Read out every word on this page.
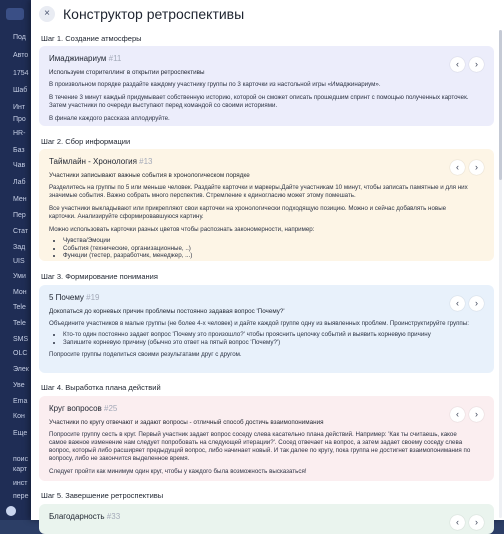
Под
Авто
1754
Шаб
Инт
Про
HR-
Баз
Чав
Лаб
Мен
Пер
Стат
Зад
UIS
Уми
Мон
Tele
Tele
SMS
OLC
Элек
Уве
Ema
Кон
Еще
поис
карт
инст
пере
× Конструктор ретроспективы
Шаг 1. Создание атмосферы
Имаджинариум #11
Используем сторителлинг в открытии ретроспективы
В произвольном порядке раздайте каждому участнику группы по 3 карточки из настольной игры «Имаджинариум».
В течение 3 минут каждый придумывает собственную историю, которой он сможет описать прошедшим спринт с помощью полученных карточек. Затем участники по очереди выступают перед командой со своими историями.
В финале каждого рассказа аплодируйте.
‹ ›
Шаг 2. Сбор информации
Таймлайн - Хронология #13
Участники записывают важные события в хронологическом порядке
Разделитесь на группы по 5 или меньше человек. Раздайте карточки и маркеры.Дайте участникам 10 минут, чтобы записать памятные и для них значимые события. Важно собрать много перспектив. Стремление к единогласию может этому помешать.
Все участники выкладывают или прикрепляют свои карточки на хронологически подходящую позицию. Можно и сейчас добавлять новые карточки. Анализируйте сформировавшуюся картину.
Можно использовать карточки разных цветов чтобы распознать закономерности, например:
• Чувства/Эмоции
• События (технические, организационные, ..)
• Функции (тестер, разработчик, менеджер, ...)
‹ ›
Шаг 3. Формирование понимания
5 Почему #19
Докопаться до корневых причин проблемы постоянно задавая вопрос 'Почему?'
Объедините участников в малые группы (не более 4-х человек) и дайте каждой группе одну из выявленных проблем. Проинструктируйте группы:
• Кто-то один постоянно задает вопрос 'Почему это произошло?' чтобы прояснить цепочку событий и выявить корневую причину
• Запишите корневую причину (обычно это ответ на пятый вопрос 'Почему?')
Попросите группы поделиться своими результатами друг с другом.
‹ ›
Шаг 4. Выработка плана действий
Круг вопросов #25
Участники по кругу отвечают и задают вопросы - отличный способ достичь взаимопонимания
Попросите группу сесть в круг. Первый участник задает вопрос соседу слева касательно плана действий. Например: 'Как ты считаешь, какое самое важное изменение нам следует попробовать на следующей итерации?'. Сосед отвечает на вопрос, а затем задает своему соседу слева вопрос, который либо расширяет предыдущий вопрос, либо начинает новый. И так далее по кругу, пока группа не достигнет взаимопонимания по вопросу, либо не закончится выделенное время.
Следует пройти как минимум один круг, чтобы у каждого была возможность высказаться!
‹ ›
Шаг 5. Завершение ретроспективы
Благодарность #33
‹ ›
